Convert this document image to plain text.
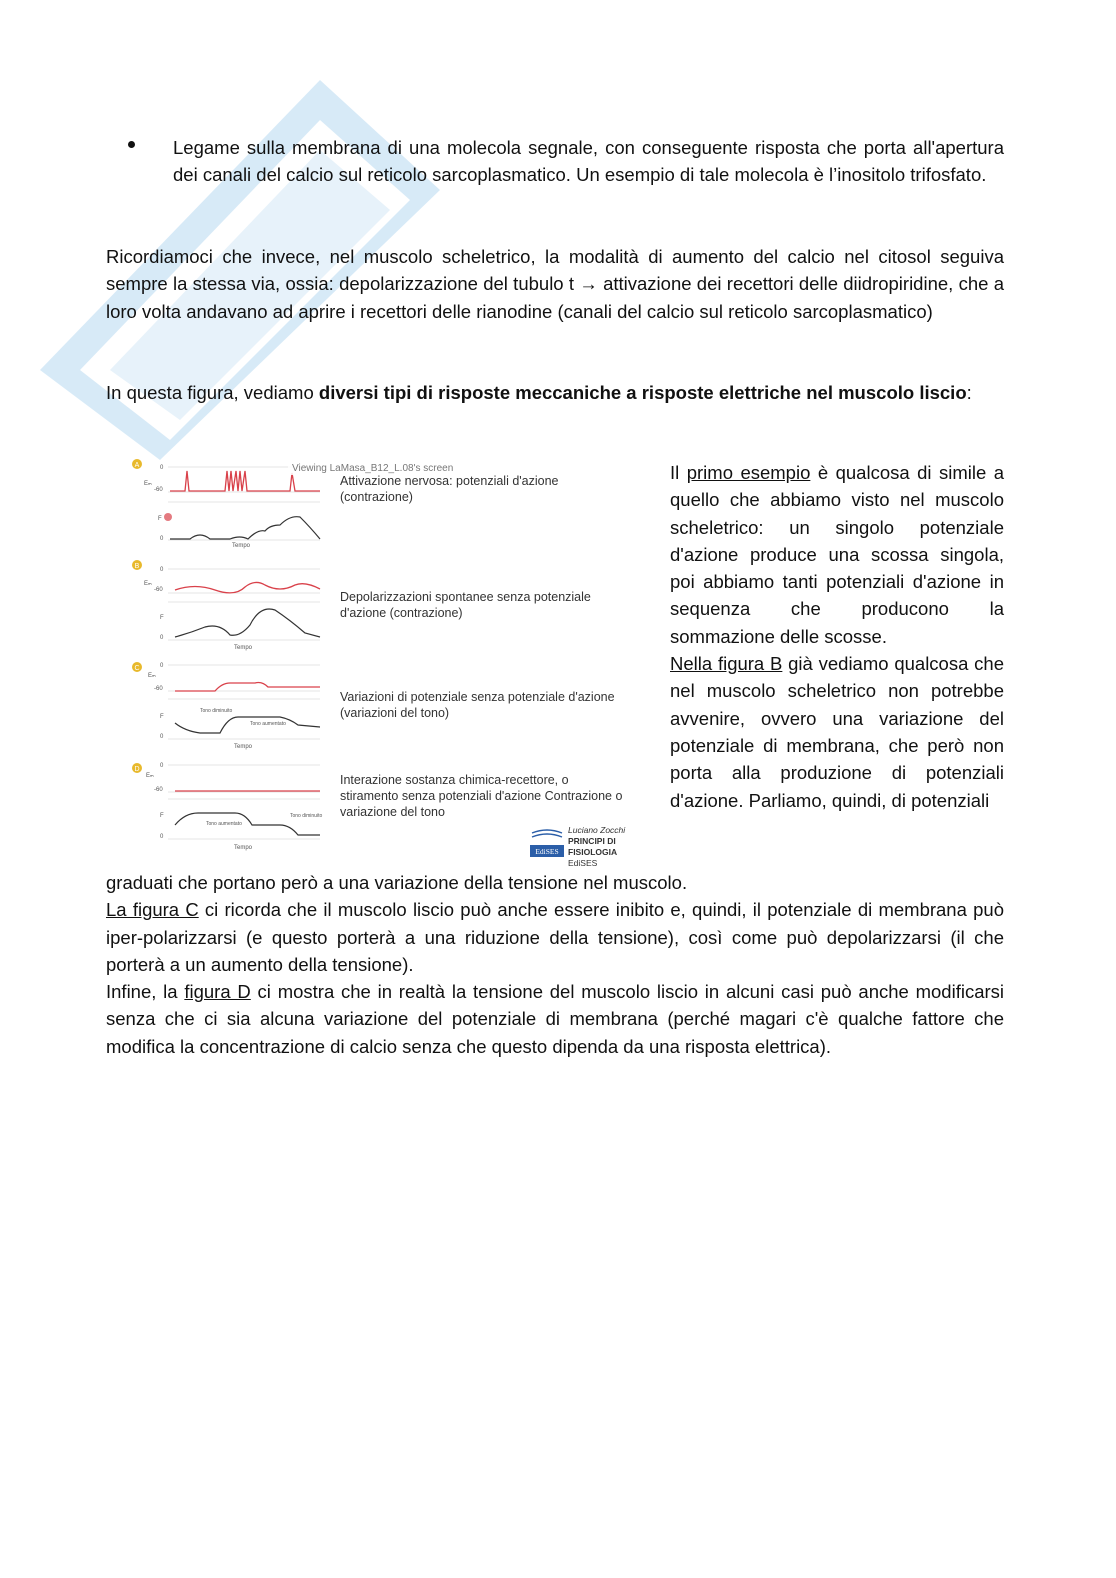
Legame sulla membrana di una molecola segnale, con conseguente risposta che porta all'apertura dei canali del calcio sul reticolo sarcoplasmatico. Un esempio di tale molecola è l’inositolo trifosfato.
Ricordiamoci che invece, nel muscolo scheletrico, la modalità di aumento del calcio nel citosol seguiva sempre la stessa via, ossia: depolarizzazione del tubulo t → attivazione dei recettori delle diidropiridine, che a loro volta andavano ad aprire i recettori delle rianodine (canali del calcio sul reticolo sarcoplasmatico)
In questa figura, vediamo diversi tipi di risposte meccaniche a risposte elettriche nel muscolo liscio:
A
Eₘ
0
-60
F
0
Tempo
B
Eₘ
0
-60
F
0
Tempo
C
Eₘ
0
-60
F
0
Tono diminuito
Tono aumentato
Tempo
D
Eₘ
0
-60
F
0
Tono aumentato
Tono diminuito
Tempo
Viewing LaMasa_B12_L.08's screen
Attivazione nervosa: potenziali d'azione (contrazione)
Depolarizzazioni spontanee senza potenziale d'azione (contrazione)
Variazioni di potenziale senza potenziale d'azione (variazioni del tono)
Interazione sostanza chimica-recettore, o stiramento senza potenziali d'azione Contrazione o variazione del tono
EdiSES
Luciano Zocchi
PRINCIPI DI FISIOLOGIA
EdiSES
Il primo esempio è qualcosa di simile a quello che abbiamo visto nel muscolo scheletrico: un singolo potenziale d'azione produce una scossa singola, poi abbiamo tanti potenziali d'azione in sequenza che producono la sommazione delle scosse.
Nella figura B già vediamo qualcosa che nel muscolo scheletrico non potrebbe avvenire, ovvero una variazione del potenziale di membrana, che però non porta alla produzione di potenziali d'azione. Parliamo, quindi, di potenziali
graduati che portano però a una variazione della tensione nel muscolo.
La figura C ci ricorda che il muscolo liscio può anche essere inibito e, quindi, il potenziale di membrana può iper-polarizzarsi (e questo porterà a una riduzione della tensione), così come può depolarizzarsi (il che porterà a un aumento della tensione).
Infine, la figura D ci mostra che in realtà la tensione del muscolo liscio in alcuni casi può anche modificarsi senza che ci sia alcuna variazione del potenziale di membrana (perché magari c'è qualche fattore che modifica la concentrazione di calcio senza che questo dipenda da una risposta elettrica).
